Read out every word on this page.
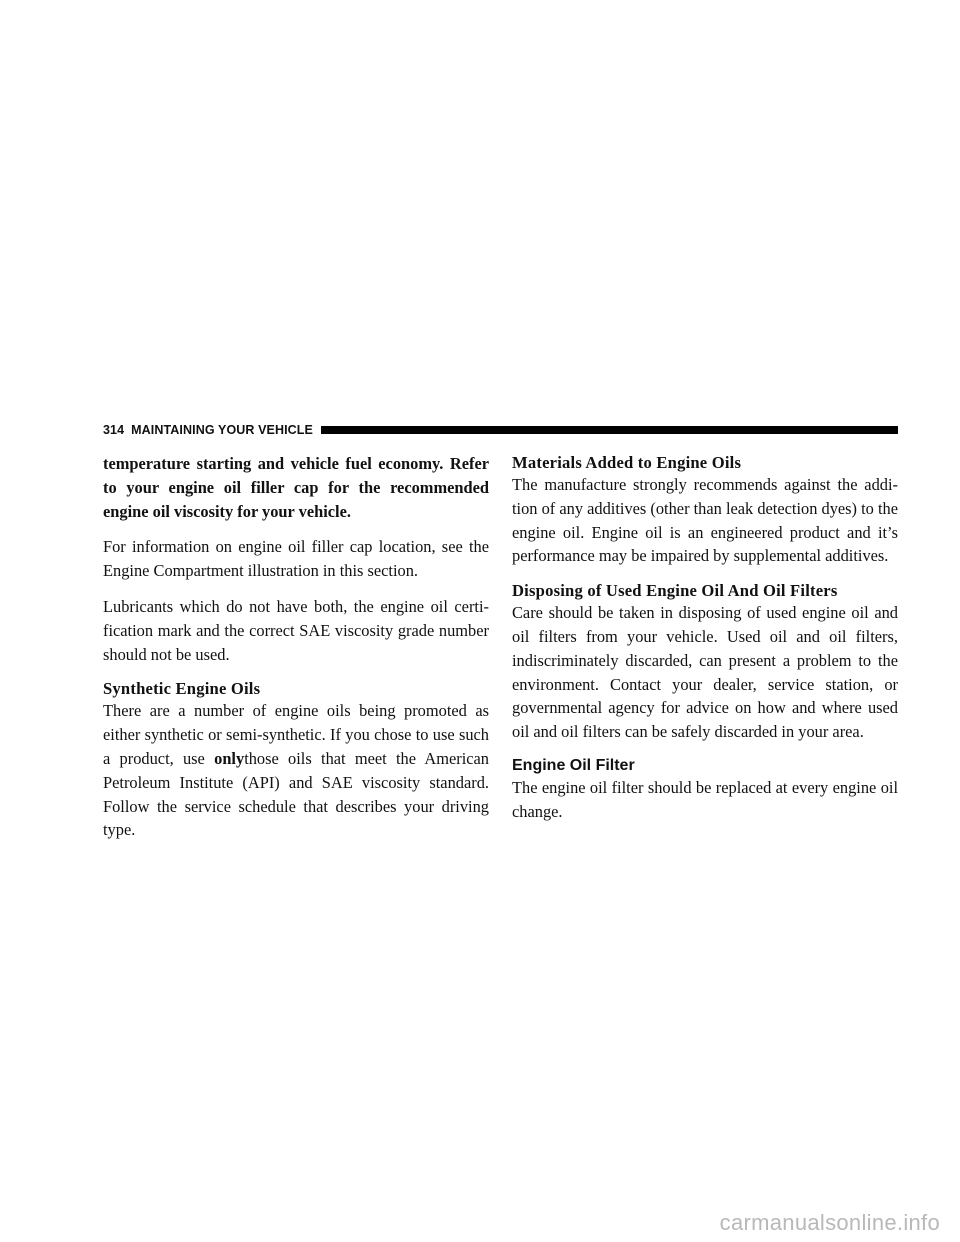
314 MAINTAINING YOUR VEHICLE

temperature starting and vehicle fuel economy. Refer to your engine oil filler cap for the recommended engine oil viscosity for your vehicle.

For information on engine oil filler cap location, see the Engine Compartment illustration in this section.

Lubricants which do not have both, the engine oil certification mark and the correct SAE viscosity grade number should not be used.

Synthetic Engine Oils

There are a number of engine oils being promoted as either synthetic or semi-synthetic. If you chose to use such a product, use onlythose oils that meet the American Petroleum Institute (API) and SAE viscosity standard. Follow the service schedule that describes your driving type.

Materials Added to Engine Oils

The manufacture strongly recommends against the addition of any additives (other than leak detection dyes) to the engine oil. Engine oil is an engineered product and it’s performance may be impaired by supplemental additives.

Disposing of Used Engine Oil And Oil Filters

Care should be taken in disposing of used engine oil and oil filters from your vehicle. Used oil and oil filters, indiscriminately discarded, can present a problem to the environment. Contact your dealer, service station, or governmental agency for advice on how and where used oil and oil filters can be safely discarded in your area.

Engine Oil Filter

The engine oil filter should be replaced at every engine oil change.

carmanualsonline.info
